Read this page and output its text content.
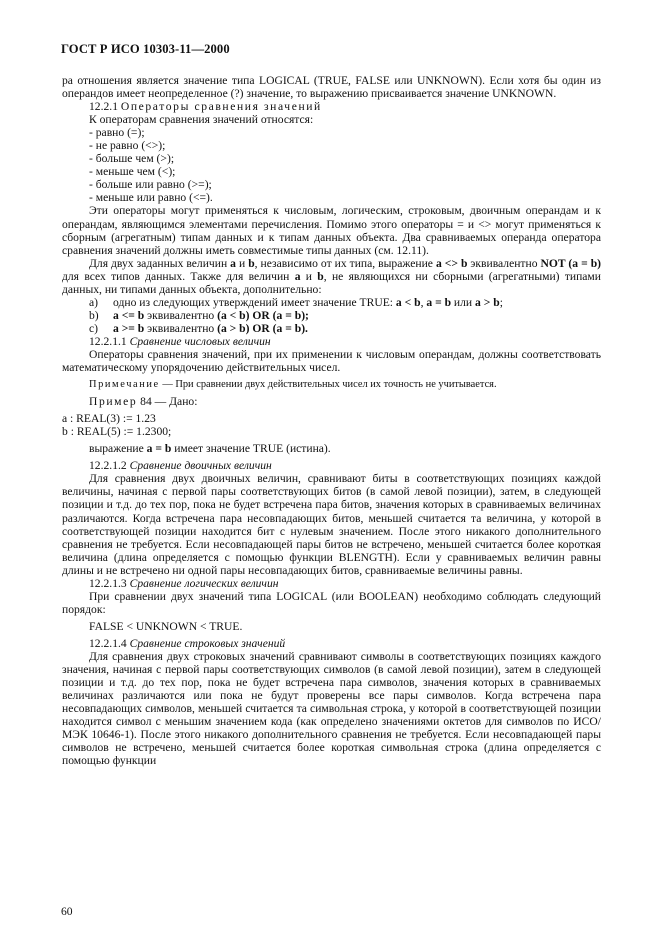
ГОСТ Р ИСО 10303-11—2000

ра отношения является значение типа LOGICAL (TRUE, FALSE или UNKNOWN). Если хотя бы один из операндов имеет неопределенное (?) значение, то выражению присваивается значение UNKNOWN.

12.2.1 Операторы сравнения значений

К операторам сравнения значений относятся:

- равно (=);

- не равно (<>);

- больше чем (>);

- меньше чем (<);

- больше или равно (>=);

- меньше или равно (<=).

Эти операторы могут применяться к числовым, логическим, строковым, двоичным операндам и к операндам, являющимся элементами перечисления. Помимо этого операторы = и <> могут применяться к сборным (агрегатным) типам данных и к типам данных объекта. Два сравниваемых операнда оператора сравнения значений должны иметь совместимые типы данных (см. 12.11).

Для двух заданных величин a и b, независимо от их типа, выражение a <> b эквивалентно NOT (a = b) для всех типов данных. Также для величин a и b, не являющихся ни сборными (агрегатными) типами данных, ни типами данных объекта, дополнительно:

a)	одно из следующих утверждений имеет значение TRUE: a < b, a = b или a > b;
b)	a <= b эквивалентно (a < b) OR (a = b);
c)	a >= b эквивалентно (a > b) OR (a = b).

12.2.1.1 Сравнение числовых величин

Операторы сравнения значений, при их применении к числовым операндам, должны соответствовать математическому упорядочению действительных чисел.

Примечание — При сравнении двух действительных чисел их точность не учитывается.

Пример 84 — Дано:

a : REAL(3) := 1.23

b : REAL(5) := 1.2300;

выражение a = b имеет значение TRUE (истина).

12.2.1.2 Сравнение двоичных величин

Для сравнения двух двоичных величин, сравнивают биты в соответствующих позициях каждой величины, начиная с первой пары соответствующих битов (в самой левой позиции), затем, в следующей позиции и т.д. до тех пор, пока не будет встречена пара битов, значения которых в сравниваемых величинах различаются. Когда встречена пара несовпадающих битов, меньшей считается та величина, у которой в соответствующей позиции находится бит с нулевым значением. После этого никакого дополнительного сравнения не требуется. Если несовпадающей пары битов не встречено, меньшей считается более короткая величина (длина определяется с помощью функции BLENGTH). Если у сравниваемых величин равны длины и не встречено ни одной пары несовпадающих битов, сравниваемые величины равны.

12.2.1.3 Сравнение логических величин

При сравнении двух значений типа LOGICAL (или BOOLEAN) необходимо соблюдать следующий порядок:

FALSE < UNKNOWN < TRUE.

12.2.1.4 Сравнение строковых значений

Для сравнения двух строковых значений сравнивают символы в соответствующих позициях каждого значения, начиная с первой пары соответствующих символов (в самой левой позиции), затем в следующей позиции и т.д. до тех пор, пока не будет встречена пара символов, значения которых в сравниваемых величинах различаются или пока не будут проверены все пары символов. Когда встречена пара несовпадающих символов, меньшей считается та символьная строка, у которой в соответствующей позиции находится символ с меньшим значением кода (как определено значениями октетов для символов по ИСО/МЭК 10646-1). После этого никакого дополнительного сравнения не требуется. Если несовпадающей пары символов не встречено, меньшей считается более короткая символьная строка (длина определяется с помощью функции

60
